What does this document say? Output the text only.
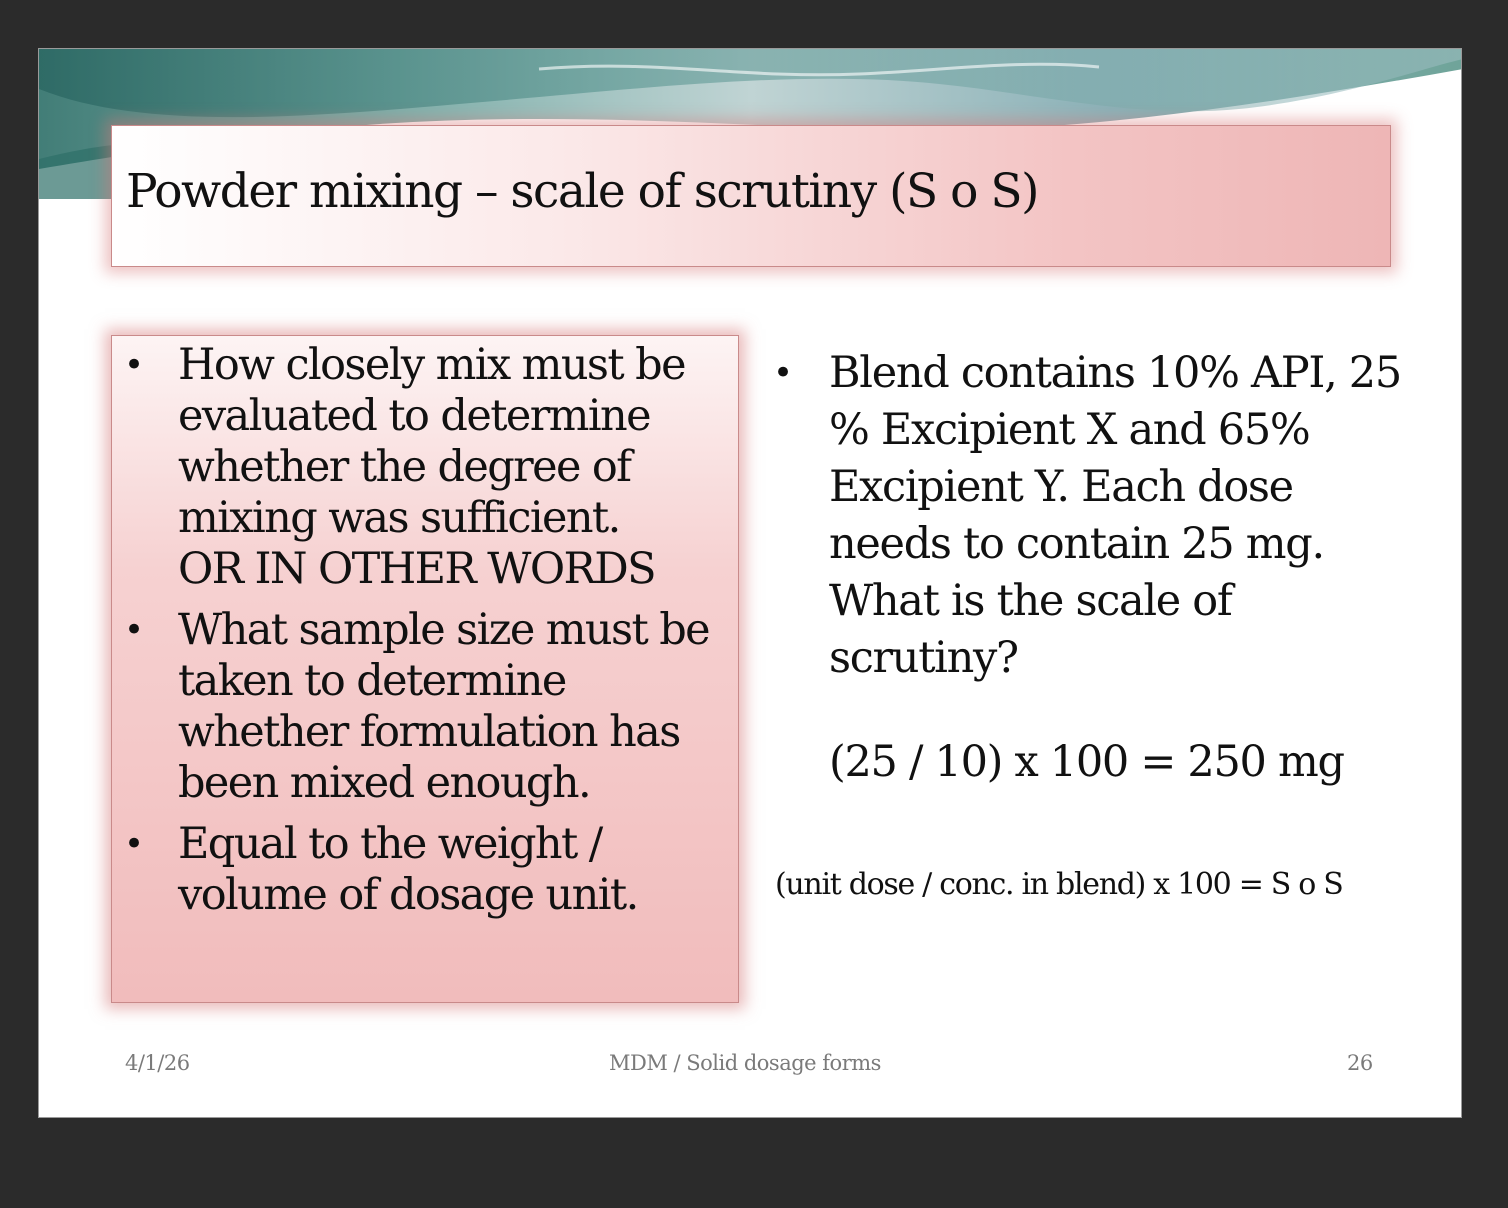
Powder mixing – scale of scrutiny (S o S)
• How closely mix must be evaluated to determine whether the degree of mixing was sufficient.
OR IN OTHER WORDS
• What sample size must be taken to determine whether formulation has been mixed enough.
• Equal to the weight / volume of dosage unit.
• Blend contains 10% API, 25 % Excipient X and 65% Excipient Y. Each dose needs to contain 25 mg. What is the scale of scrutiny?
(25 / 10) x 100 = 250 mg
(unit dose / conc. in blend) x 100 = S o S
4/1/26	MDM / Solid dosage forms	26
